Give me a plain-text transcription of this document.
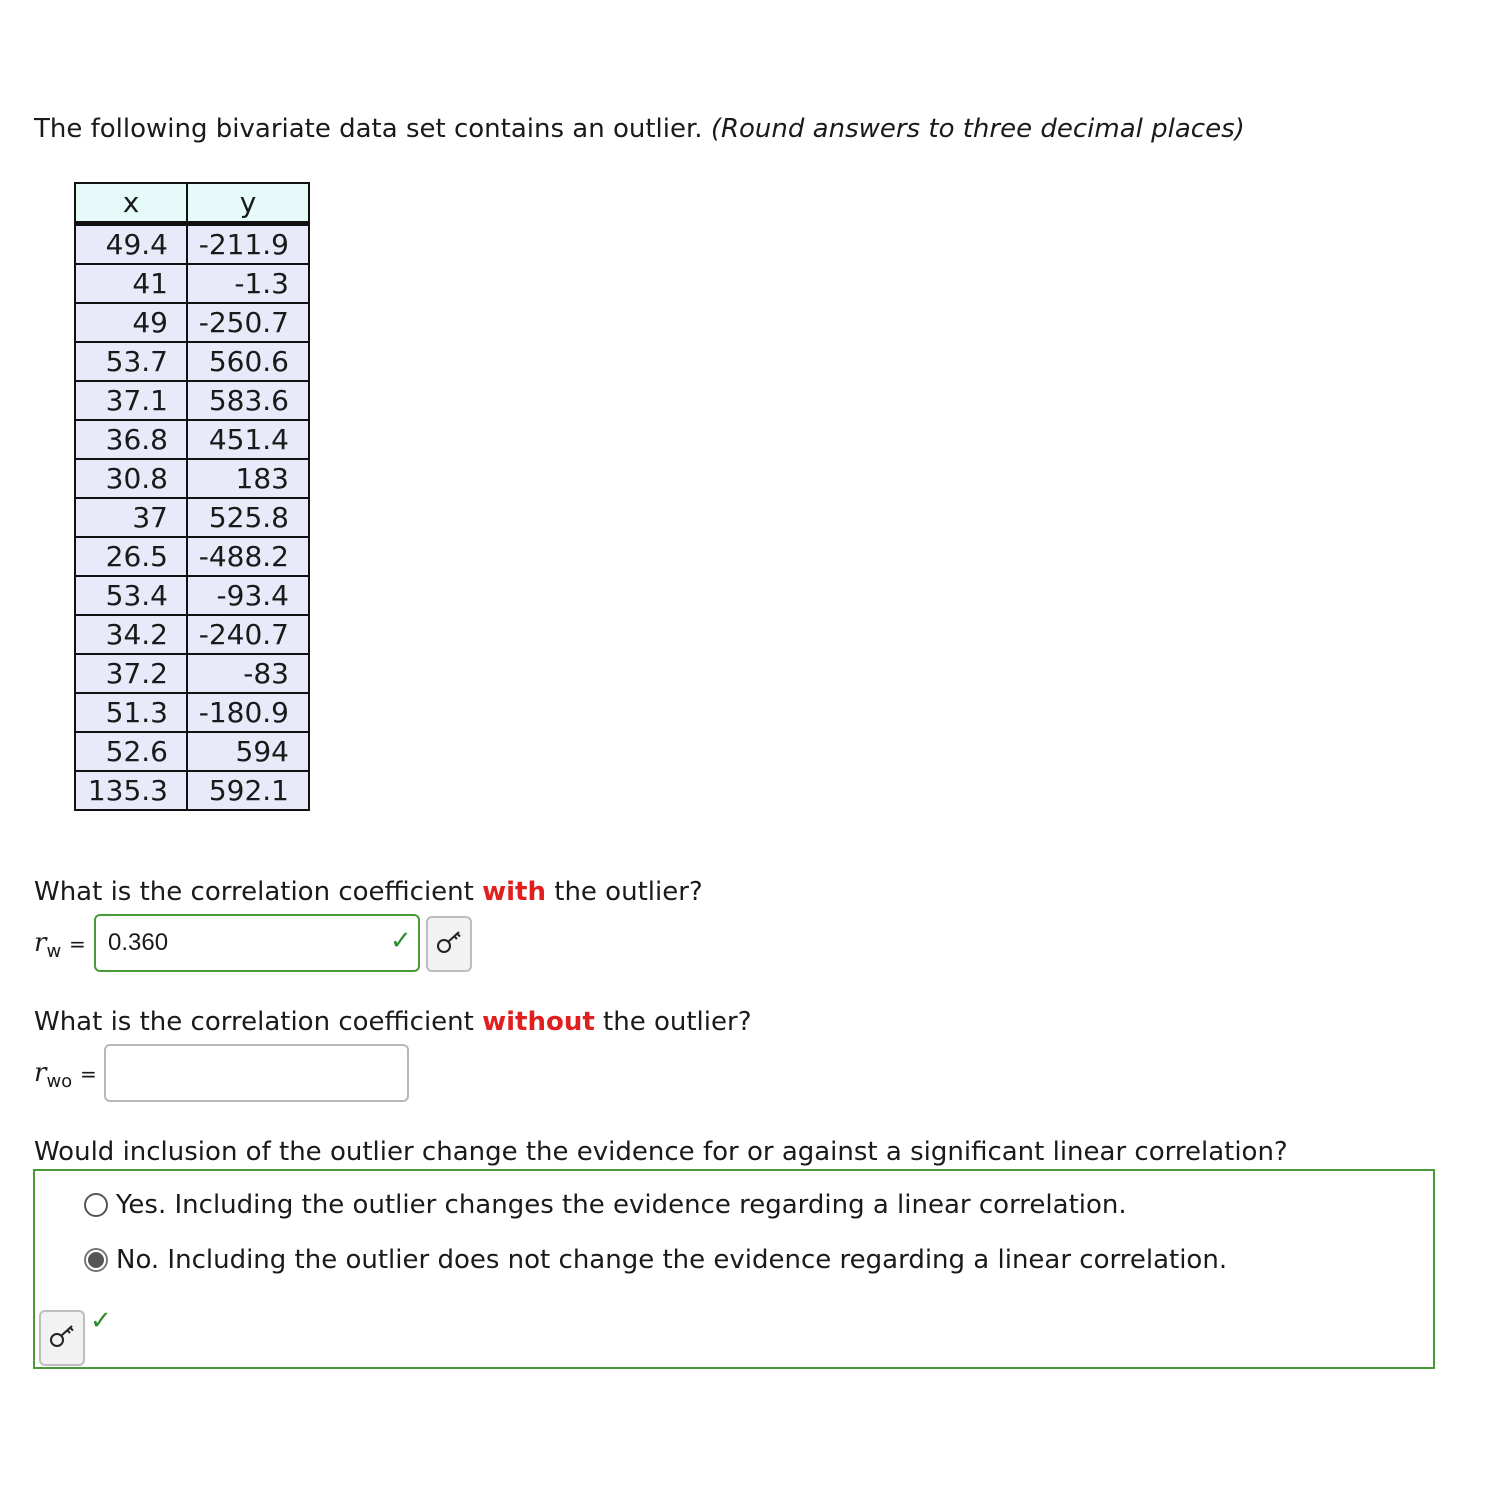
The following bivariate data set contains an outlier. (Round answers to three decimal places)
x	y
49.4	-211.9
41	-1.3
49	-250.7
53.7	560.6
37.1	583.6
36.8	451.4
30.8	183
37	525.8
26.5	-488.2
53.4	-93.4
34.2	-240.7
37.2	-83
51.3	-180.9
52.6	594
135.3	592.1
What is the correlation coefficient with the outlier?
$r_w = 0.360$	✓
What is the correlation coefficient without the outlier?
$r_{wo}$ =
Would inclusion of the outlier change the evidence for or against a significant linear correlation?
Yes. Including the outlier changes the evidence regarding a linear correlation.
No. Including the outlier does not change the evidence regarding a linear correlation.
✓
